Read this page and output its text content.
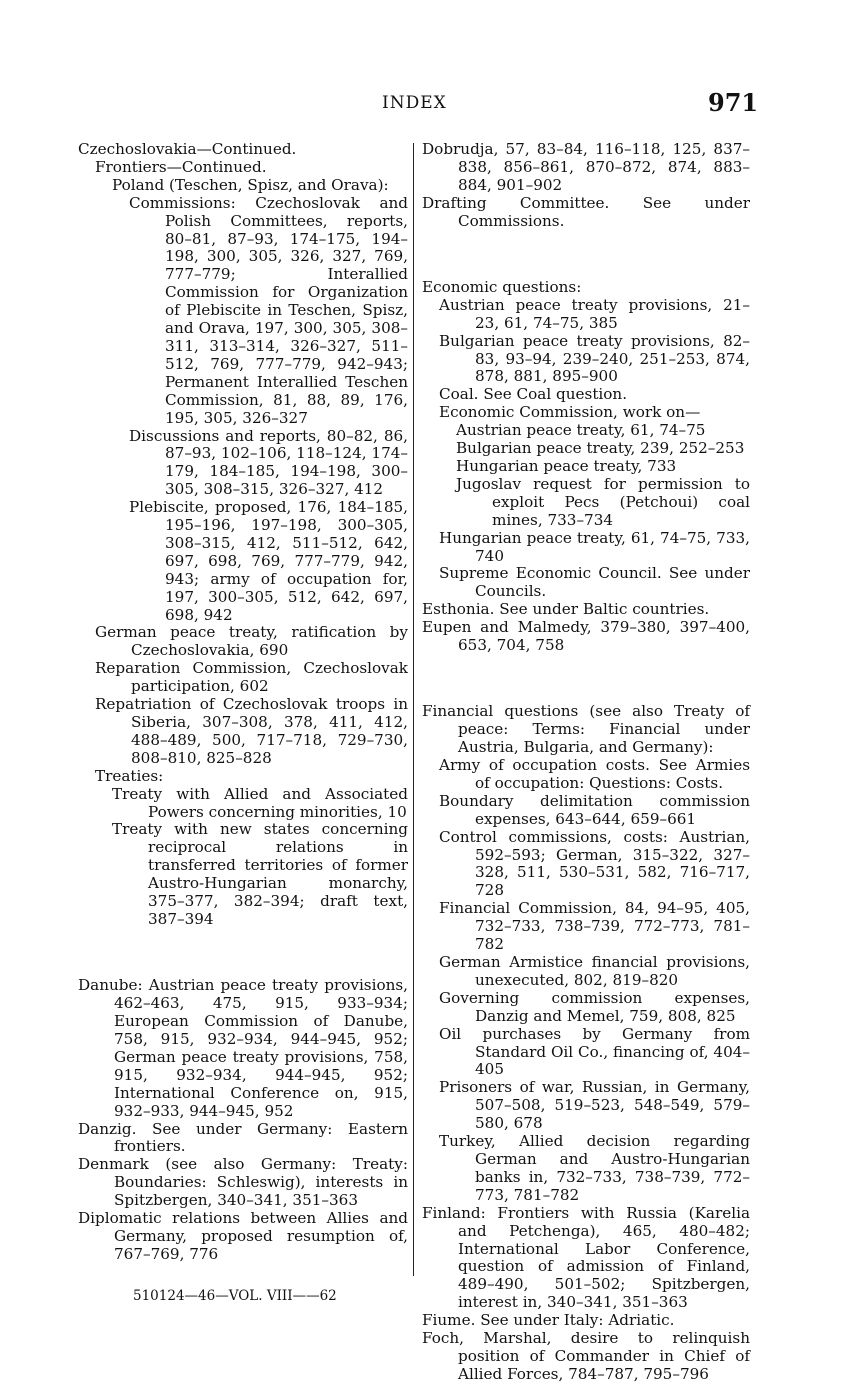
INDEX	971

Czechoslovakia—Continued.

Frontiers—Continued.

Poland (Teschen, Spisz, and Orava):

Commissions: Czechoslovak and Polish Committees, reports, 80–81, 87–93, 174–175, 194–198, 300, 305, 326, 327, 769, 777–779; Interallied Commission for Organization of Plebiscite in Teschen, Spisz, and Orava, 197, 300, 305, 308–311, 313–314, 326–327, 511–512, 769, 777–779, 942–943; Permanent Interallied Teschen Commission, 81, 88, 89, 176, 195, 305, 326–327

Discussions and reports, 80–82, 86, 87–93, 102–106, 118–124, 174–179, 184–185, 194–198, 300–305, 308–315, 326–327, 412

Plebiscite, proposed, 176, 184–185, 195–196, 197–198, 300–305, 308–315, 412, 511–512, 642, 697, 698, 769, 777–779, 942, 943; army of occupation for, 197, 300–305, 512, 642, 697, 698, 942

German peace treaty, ratification by Czechoslovakia, 690

Reparation Commission, Czechoslovak participation, 602

Repatriation of Czechoslovak troops in Siberia, 307–308, 378, 411, 412, 488–489, 500, 717–718, 729–730, 808–810, 825–828

Treaties:

Treaty with Allied and Associated Powers concerning minorities, 10

Treaty with new states concerning reciprocal relations in transferred territories of former Austro-Hungarian monarchy, 375–377, 382–394; draft text, 387–394

Danube: Austrian peace treaty provisions, 462–463, 475, 915, 933–934; European Commission of Danube, 758, 915, 932–934, 944–945, 952; German peace treaty provisions, 758, 915, 932–934, 944–945, 952; International Conference on, 915, 932–933, 944–945, 952

Danzig. See under Germany: Eastern frontiers.

Denmark (see also Germany: Treaty: Boundaries: Schleswig), interests in Spitzbergen, 340–341, 351–363

Diplomatic relations between Allies and Germany, proposed resumption of, 767–769, 776

Dobrudja, 57, 83–84, 116–118, 125, 837–838, 856–861, 870–872, 874, 883–884, 901–902

Drafting Committee. See under Commissions.

Economic questions:

Austrian peace treaty provisions, 21–23, 61, 74–75, 385

Bulgarian peace treaty provisions, 82–83, 93–94, 239–240, 251–253, 874, 878, 881, 895–900

Coal. See Coal question.

Economic Commission, work on—

Austrian peace treaty, 61, 74–75

Bulgarian peace treaty, 239, 252–253

Hungarian peace treaty, 733

Jugoslav request for permission to exploit Pecs (Petchoui) coal mines, 733–734

Hungarian peace treaty, 61, 74–75, 733, 740

Supreme Economic Council. See under Councils.

Esthonia. See under Baltic countries.

Eupen and Malmedy, 379–380, 397–400, 653, 704, 758

Financial questions (see also Treaty of peace: Terms: Financial under Austria, Bulgaria, and Germany):

Army of occupation costs. See Armies of occupation: Questions: Costs.

Boundary delimitation commission expenses, 643–644, 659–661

Control commissions, costs: Austrian, 592–593; German, 315–322, 327–328, 511, 530–531, 582, 716–717, 728

Financial Commission, 84, 94–95, 405, 732–733, 738–739, 772–773, 781–782

German Armistice financial provisions, unexecuted, 802, 819–820

Governing commission expenses, Danzig and Memel, 759, 808, 825

Oil purchases by Germany from Standard Oil Co., financing of, 404–405

Prisoners of war, Russian, in Germany, 507–508, 519–523, 548–549, 579–580, 678

Turkey, Allied decision regarding German and Austro-Hungarian banks in, 732–733, 738–739, 772–773, 781–782

Finland: Frontiers with Russia (Karelia and Petchenga), 465, 480–482; International Labor Conference, question of admission of Finland, 489–490, 501–502; Spitzbergen, interest in, 340–341, 351–363

Fiume. See under Italy: Adriatic.

Foch, Marshal, desire to relinquish position of Commander in Chief of Allied Forces, 784–787, 795–796

510124—46—VOL. VIII——62
